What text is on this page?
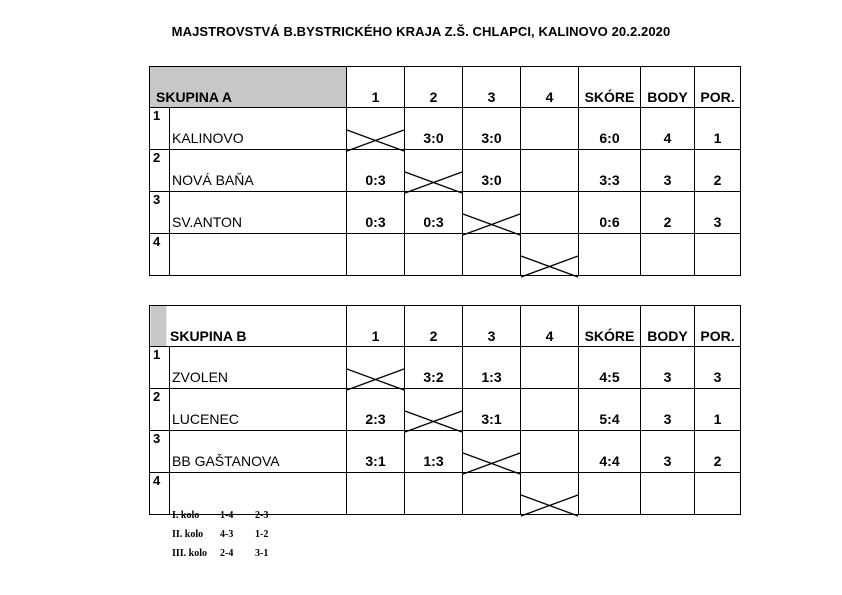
MAJSTROVSTVÁ B.BYSTRICKÉHO KRAJA Z.Š. CHLAPCI, KALINOVO 20.2.2020
SKUPINA A		1	2	3	4	SKÓRE	BODY	POR.
1	KALINOVO		3:0	3:0		6:0	4	1
2	NOVÁ BAŇA	0:3		3:0		3:3	3	2
3	SV.ANTON	0:3	0:3			0:6	2	3
4					

SKUPINA B		1	2	3	4	SKÓRE	BODY	POR.
1	ZVOLEN		3:2	1:3		4:5	3	3
2	LUCENEC	2:3		3:1		5:4	3	1
3	BB GAŠTANOVA	3:1	1:3			4:4	3	2
4					

I. kolo 1-4 2-3
II. kolo 4-3 1-2
III. kolo 2-4 3-1
